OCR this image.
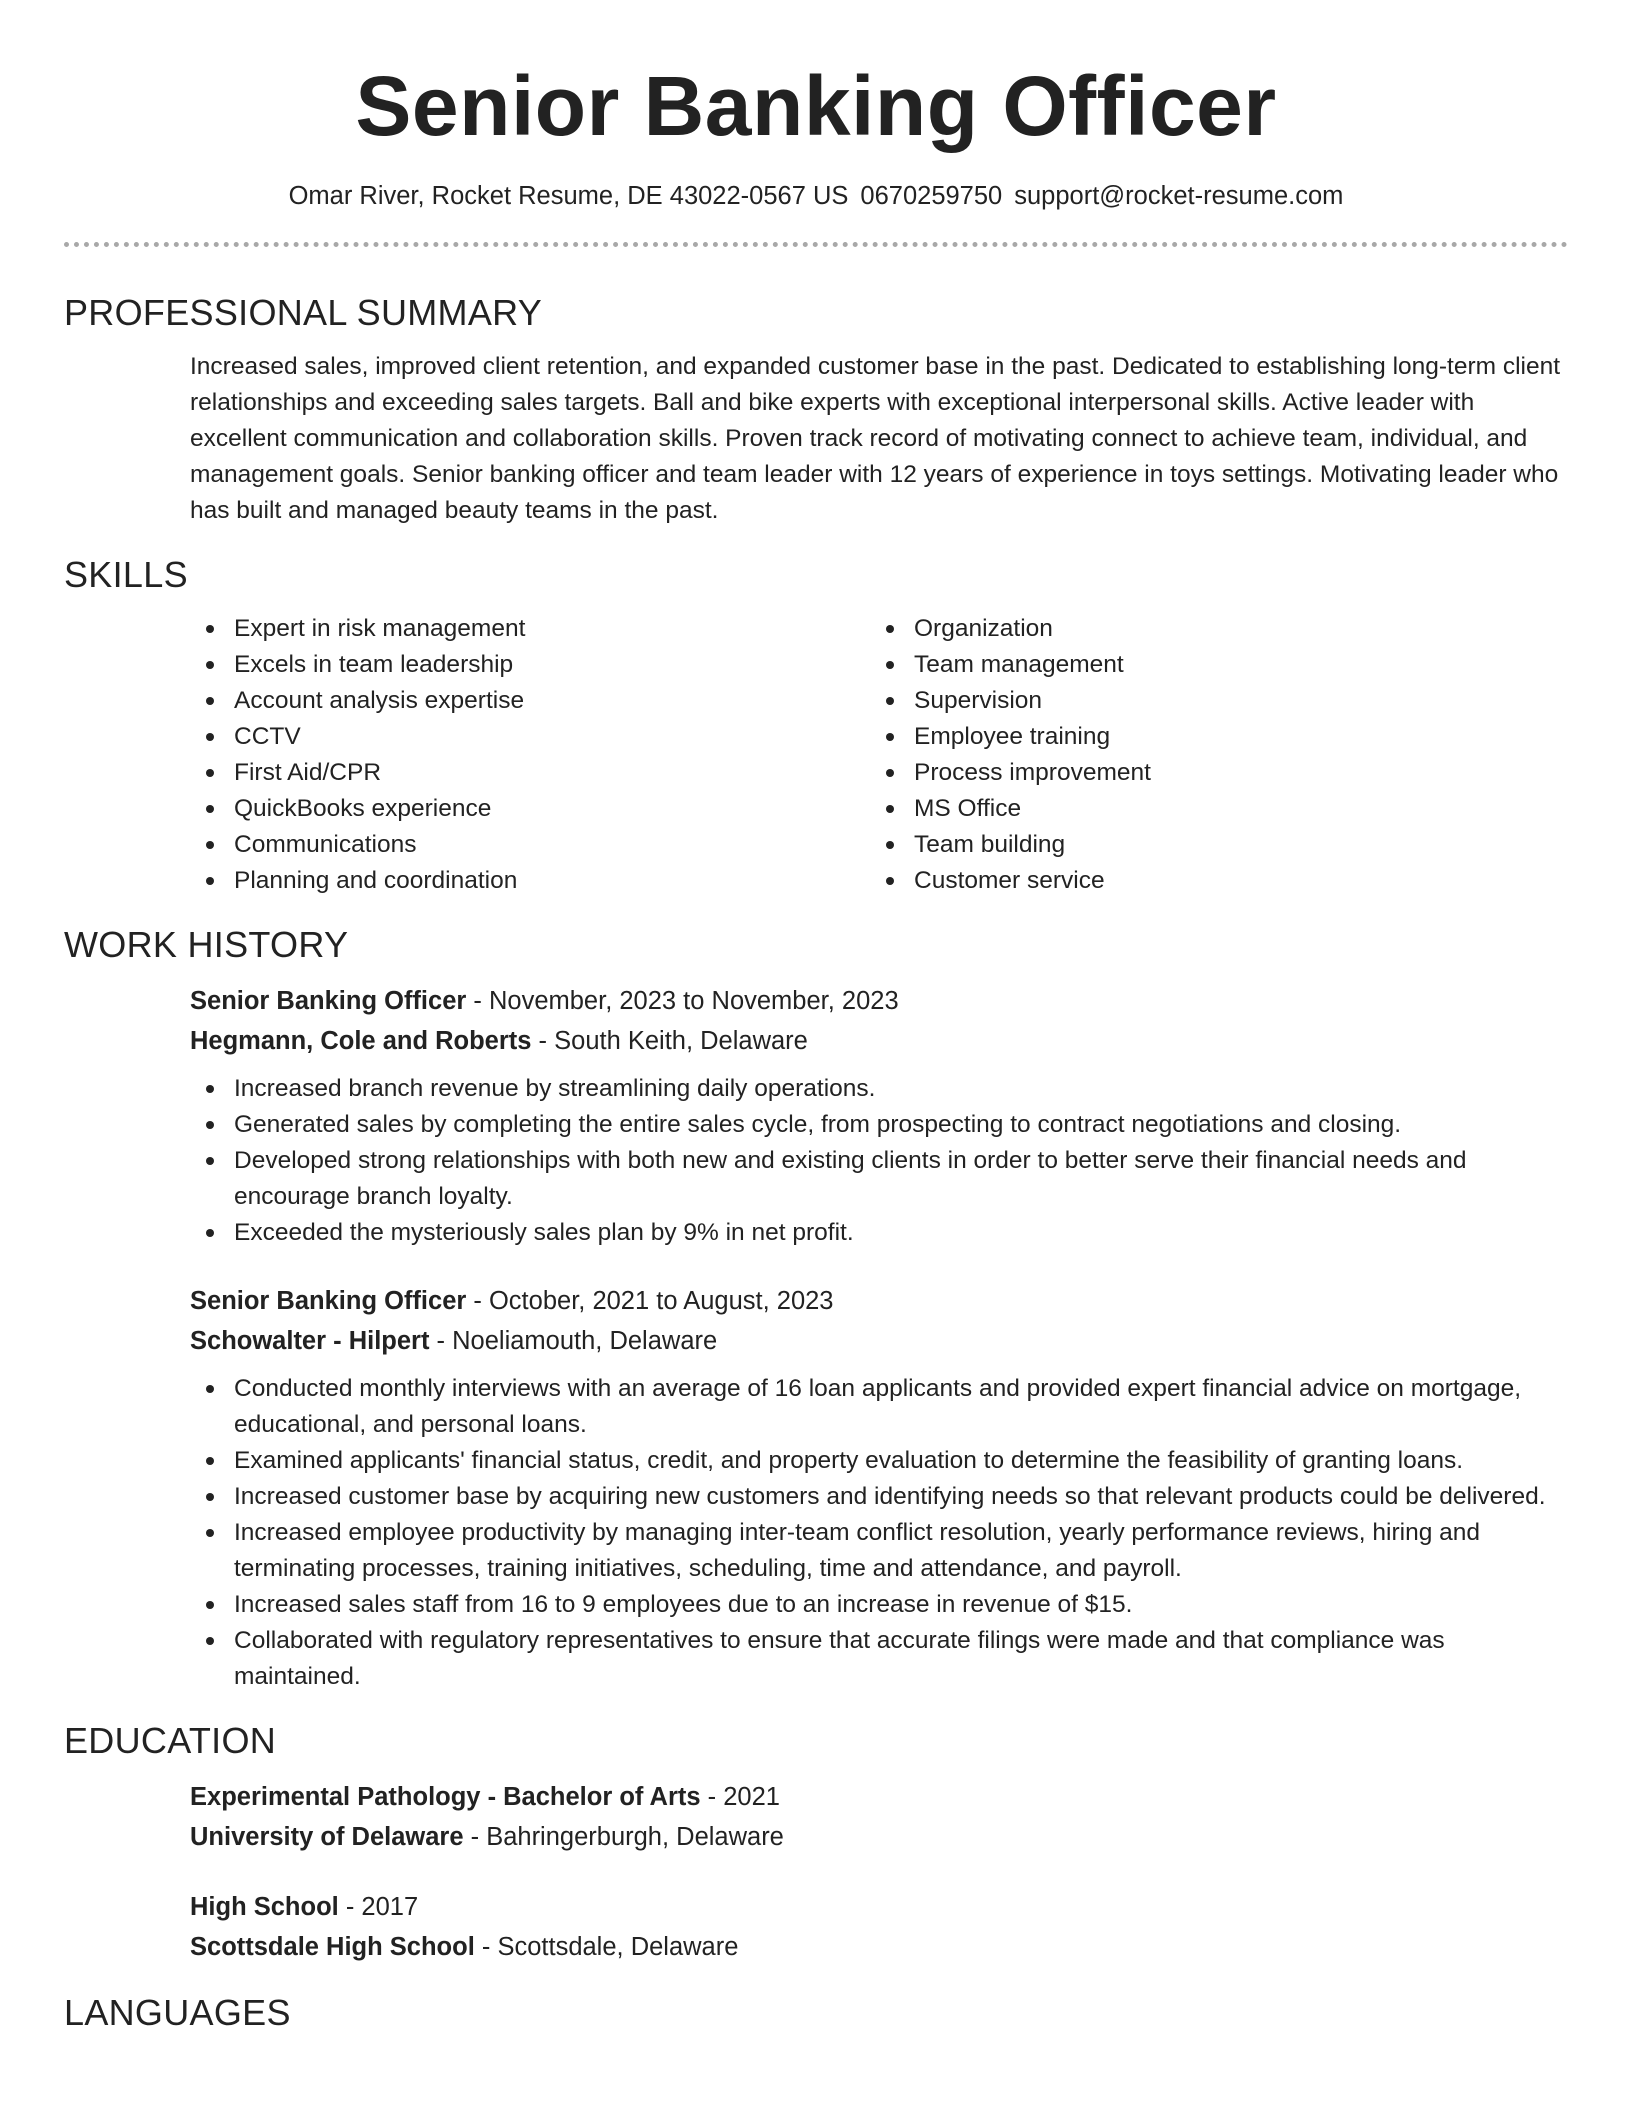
Senior Banking Officer
Omar River, Rocket Resume, DE 43022-0567 US 0670259750 support@rocket-resume.com
PROFESSIONAL SUMMARY
Increased sales, improved client retention, and expanded customer base in the past. Dedicated to establishing long-term client relationships and exceeding sales targets. Ball and bike experts with exceptional interpersonal skills. Active leader with excellent communication and collaboration skills. Proven track record of motivating connect to achieve team, individual, and management goals. Senior banking officer and team leader with 12 years of experience in toys settings. Motivating leader who has built and managed beauty teams in the past.
SKILLS
Expert in risk management
Excels in team leadership
Account analysis expertise
CCTV
First Aid/CPR
QuickBooks experience
Communications
Planning and coordination
Organization
Team management
Supervision
Employee training
Process improvement
MS Office
Team building
Customer service
WORK HISTORY
Senior Banking Officer - November, 2023 to November, 2023
Hegmann, Cole and Roberts - South Keith, Delaware
Increased branch revenue by streamlining daily operations.
Generated sales by completing the entire sales cycle, from prospecting to contract negotiations and closing.
Developed strong relationships with both new and existing clients in order to better serve their financial needs and encourage branch loyalty.
Exceeded the mysteriously sales plan by 9% in net profit.
Senior Banking Officer - October, 2021 to August, 2023
Schowalter - Hilpert - Noeliamouth, Delaware
Conducted monthly interviews with an average of 16 loan applicants and provided expert financial advice on mortgage, educational, and personal loans.
Examined applicants' financial status, credit, and property evaluation to determine the feasibility of granting loans.
Increased customer base by acquiring new customers and identifying needs so that relevant products could be delivered.
Increased employee productivity by managing inter-team conflict resolution, yearly performance reviews, hiring and terminating processes, training initiatives, scheduling, time and attendance, and payroll.
Increased sales staff from 16 to 9 employees due to an increase in revenue of $15.
Collaborated with regulatory representatives to ensure that accurate filings were made and that compliance was maintained.
EDUCATION
Experimental Pathology - Bachelor of Arts - 2021
University of Delaware - Bahringerburgh, Delaware
High School - 2017
Scottsdale High School - Scottsdale, Delaware
LANGUAGES
